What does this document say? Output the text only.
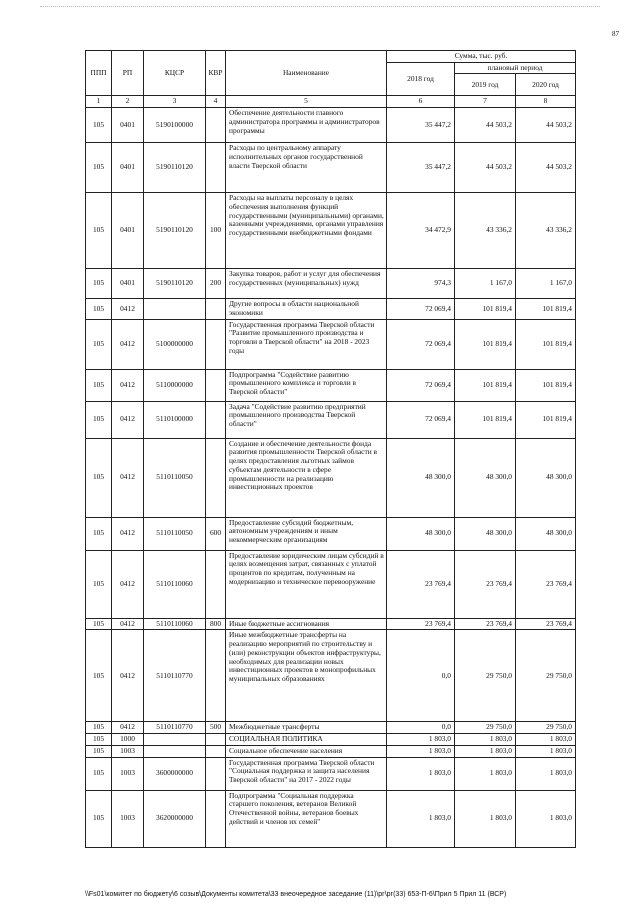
87
ППП	РП	КЦСР	КВР	Наименование	Сумма, тыс. руб.		
					2018 год	плановый период	
						2019 год	2020 год
1	2	3	4	5	6	7	8
105	0401	5190100000		Обеспечение деятельности главного администратора программы и администраторов программы	35 447,2	44 503,2	44 503,2
105	0401	5190110120		Расходы по центральному аппарату исполнительных органов государственной власти Тверской области	35 447,2	44 503,2	44 503,2
105	0401	5190110120	100	Расходы на выплаты персоналу в целях обеспечения выполнения функций государственными (муниципальными) органами, казенными учреждениями, органами управления государственными внебюджетными фондами	34 472,9	43 336,2	43 336,2
105	0401	5190110120	200	Закупка товаров, работ и услуг для обеспечения государственных (муниципальных) нужд	974,3	1 167,0	1 167,0
105	0412			Другие вопросы в области национальной экономики	72 069,4	101 819,4	101 819,4
105	0412	5100000000		Государственная программа Тверской области "Развитие промышленного производства и торговли в Тверской области" на 2018 - 2023 годы	72 069,4	101 819,4	101 819,4
105	0412	5110000000		Подпрограмма "Содействие развитию промышленного комплекса и торговли в Тверской области"	72 069,4	101 819,4	101 819,4
105	0412	5110100000		Задача "Содействие развитию предприятий промышленного производства Тверской области"	72 069,4	101 819,4	101 819,4
105	0412	5110110050		Создание и обеспечение деятельности фонда развития промышленности Тверской области в целях предоставления льготных займов субъектам деятельности в сфере промышленности на реализацию инвестиционных проектов	48 300,0	48 300,0	48 300,0
105	0412	5110110050	600	Предоставление субсидий бюджетным, автономным учреждениям и иным некоммерческим организациям	48 300,0	48 300,0	48 300,0
105	0412	5110110060		Предоставление юридическим лицам субсидий в целях возмещения затрат, связанных с уплатой процентов по кредитам, полученным на модернизацию и техническое перевооружение	23 769,4	23 769,4	23 769,4
105	0412	5110110060	800	Иные бюджетные ассигнования	23 769,4	23 769,4	23 769,4
105	0412	5110110770		Иные межбюджетные трансферты на реализацию мероприятий по строительству и (или) реконструкции объектов инфраструктуры, необходимых для реализации новых инвестиционных проектов в монопрофильных муниципальных образованиях	0,0	29 750,0	29 750,0
105	0412	5110110770	500	Межбюджетные трансферты	0,0	29 750,0	29 750,0
105	1000			СОЦИАЛЬНАЯ ПОЛИТИКА	1 803,0	1 803,0	1 803,0
105	1003			Социальное обеспечение населения	1 803,0	1 803,0	1 803,0
105	1003	3600000000		Государственная программа Тверской области "Социальная поддержка и защита населения Тверской области" на 2017 - 2022 годы	1 803,0	1 803,0	1 803,0
105	1003	3620000000		Подпрограмма "Социальная поддержка старшего поколения, ветеранов Великой Отечественной войны, ветеранов боевых действий и членов их семей"	1 803,0	1 803,0	1 803,0
\\Fs01\комитет по бюджету\6 созыв\Документы комитета\33 внеочередное заседание (11)\рг\рг(33) 653-П-6\Прил 5 Прил 11 (ВСР)
